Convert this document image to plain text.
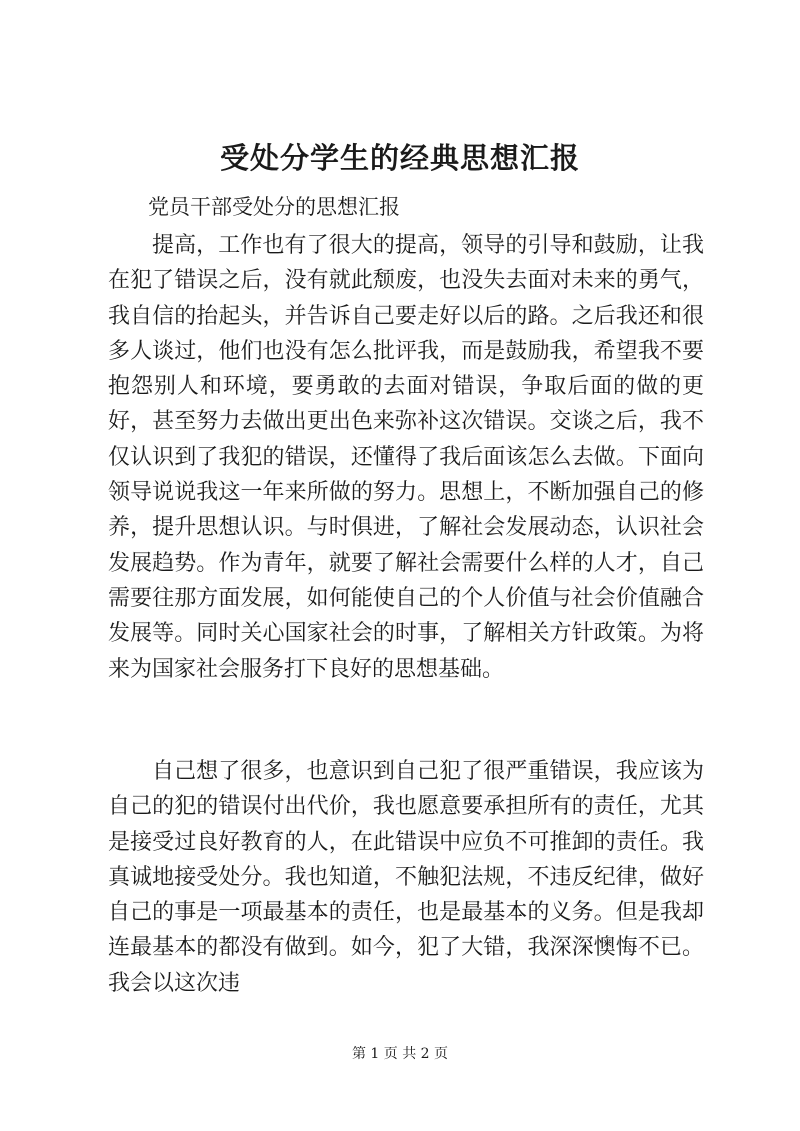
受处分学生的经典思想汇报

党员干部受处分的思想汇报

提高，工作也有了很大的提高，领导的引导和鼓励，让我在犯了错误之后，没有就此颓废，也没失去面对未来的勇气，我自信的抬起头，并告诉自己要走好以后的路。之后我还和很多人谈过，他们也没有怎么批评我，而是鼓励我，希望我不要抱怨别人和环境，要勇敢的去面对错误，争取后面的做的更好，甚至努力去做出更出色来弥补这次错误。交谈之后，我不仅认识到了我犯的错误，还懂得了我后面该怎么去做。下面向领导说说我这一年来所做的努力。思想上，不断加强自己的修养，提升思想认识。与时俱进，了解社会发展动态，认识社会发展趋势。作为青年，就要了解社会需要什么样的人才，自己需要往那方面发展，如何能使自己的个人价值与社会价值融合发展等。同时关心国家社会的时事，了解相关方针政策。为将来为国家社会服务打下良好的思想基础。

自己想了很多，也意识到自己犯了很严重错误，我应该为自己的犯的错误付出代价，我也愿意要承担所有的责任，尤其是接受过良好教育的人，在此错误中应负不可推卸的责任。我真诚地接受处分。我也知道，不触犯法规，不违反纪律，做好自己的事是一项最基本的责任，也是最基本的义务。但是我却连最基本的都没有做到。如今，犯了大错，我深深懊悔不已。我会以这次违

第 1 页 共 2 页
